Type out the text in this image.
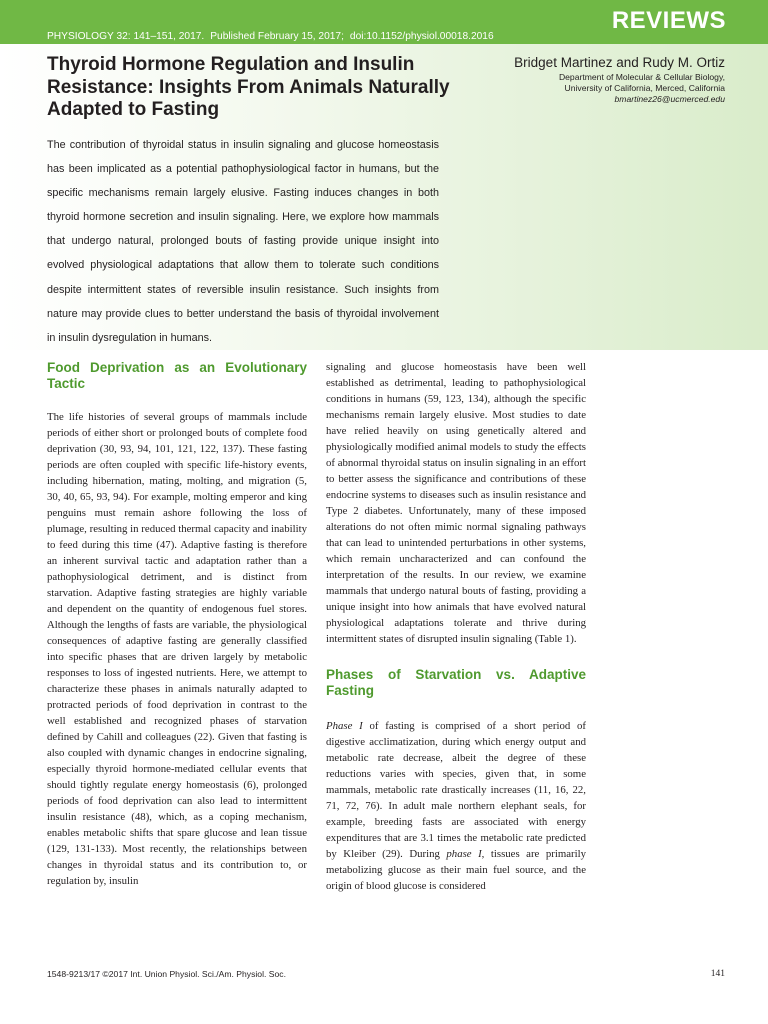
REVIEWS
PHYSIOLOGY 32: 141–151, 2017. Published February 15, 2017; doi:10.1152/physiol.00018.2016
Thyroid Hormone Regulation and Insulin Resistance: Insights From Animals Naturally Adapted to Fasting
Bridget Martinez and Rudy M. Ortiz
Department of Molecular & Cellular Biology,
University of California, Merced, California
bmartinez26@ucmerced.edu
The contribution of thyroidal status in insulin signaling and glucose homeostasis has been implicated as a potential pathophysiological factor in humans, but the specific mechanisms remain largely elusive. Fasting induces changes in both thyroid hormone secretion and insulin signaling. Here, we explore how mammals that undergo natural, prolonged bouts of fasting provide unique insight into evolved physiological adaptations that allow them to tolerate such conditions despite intermittent states of reversible insulin resistance. Such insights from nature may provide clues to better understand the basis of thyroidal involvement in insulin dysregulation in humans.
Food Deprivation as an Evolutionary Tactic

The life histories of several groups of mammals include periods of either short or prolonged bouts of complete food deprivation (30, 93, 94, 101, 121, 122, 137). These fasting periods are often coupled with specific life-history events, including hibernation, mating, molting, and migration (5, 30, 40, 65, 93, 94). For example, molting emperor and king penguins must remain ashore following the loss of plumage, resulting in reduced thermal capacity and inability to feed during this time (47). Adaptive fasting is therefore an inherent survival tactic and adaptation rather than a pathophysiological detriment, and is distinct from starvation. Adaptive fasting strategies are highly variable and dependent on the quantity of endogenous fuel stores. Although the lengths of fasts are variable, the physiological consequences of adaptive fasting are generally classified into specific phases that are driven largely by metabolic responses to loss of ingested nutrients. Here, we attempt to characterize these phases in animals naturally adapted to protracted periods of food deprivation in contrast to the well established and recognized phases of starvation defined by Cahill and colleagues (22). Given that fasting is also coupled with dynamic changes in endocrine signaling, especially thyroid hormone-mediated cellular events that should tightly regulate energy homeostasis (6), prolonged periods of food deprivation can also lead to intermittent insulin resistance (48), which, as a coping mechanism, enables metabolic shifts that spare glucose and lean tissue (129, 131-133). Most recently, the relationships between changes in thyroidal status and its contribution to, or regulation by, insulin

signaling and glucose homeostasis have been well established as detrimental, leading to pathophysiological conditions in humans (59, 123, 134), although the specific mechanisms remain largely elusive. Most studies to date have relied heavily on using genetically altered and physiologically modified animal models to study the effects of abnormal thyroidal status on insulin signaling in an effort to better assess the significance and contributions of these endocrine systems to diseases such as insulin resistance and Type 2 diabetes. Unfortunately, many of these imposed alterations do not often mimic normal signaling pathways that can lead to unintended perturbations in other systems, which remain uncharacterized and can confound the interpretation of the results. In our review, we examine mammals that undergo natural bouts of fasting, providing a unique insight into how animals that have evolved natural physiological adaptations tolerate and thrive during intermittent states of disrupted insulin signaling (Table 1).

Phases of Starvation vs. Adaptive Fasting

Phase I of fasting is comprised of a short period of digestive acclimatization, during which energy output and metabolic rate decrease, albeit the degree of these reductions varies with species, given that, in some mammals, metabolic rate drastically increases (11, 16, 22, 71, 72, 76). In adult male northern elephant seals, for example, breeding fasts are associated with energy expenditures that are 3.1 times the metabolic rate predicted by Kleiber (29). During phase I, tissues are primarily metabolizing glucose as their main fuel source, and the origin of blood glucose is considered

1548-9213/17 ©2017 Int. Union Physiol. Sci./Am. Physiol. Soc.	141
